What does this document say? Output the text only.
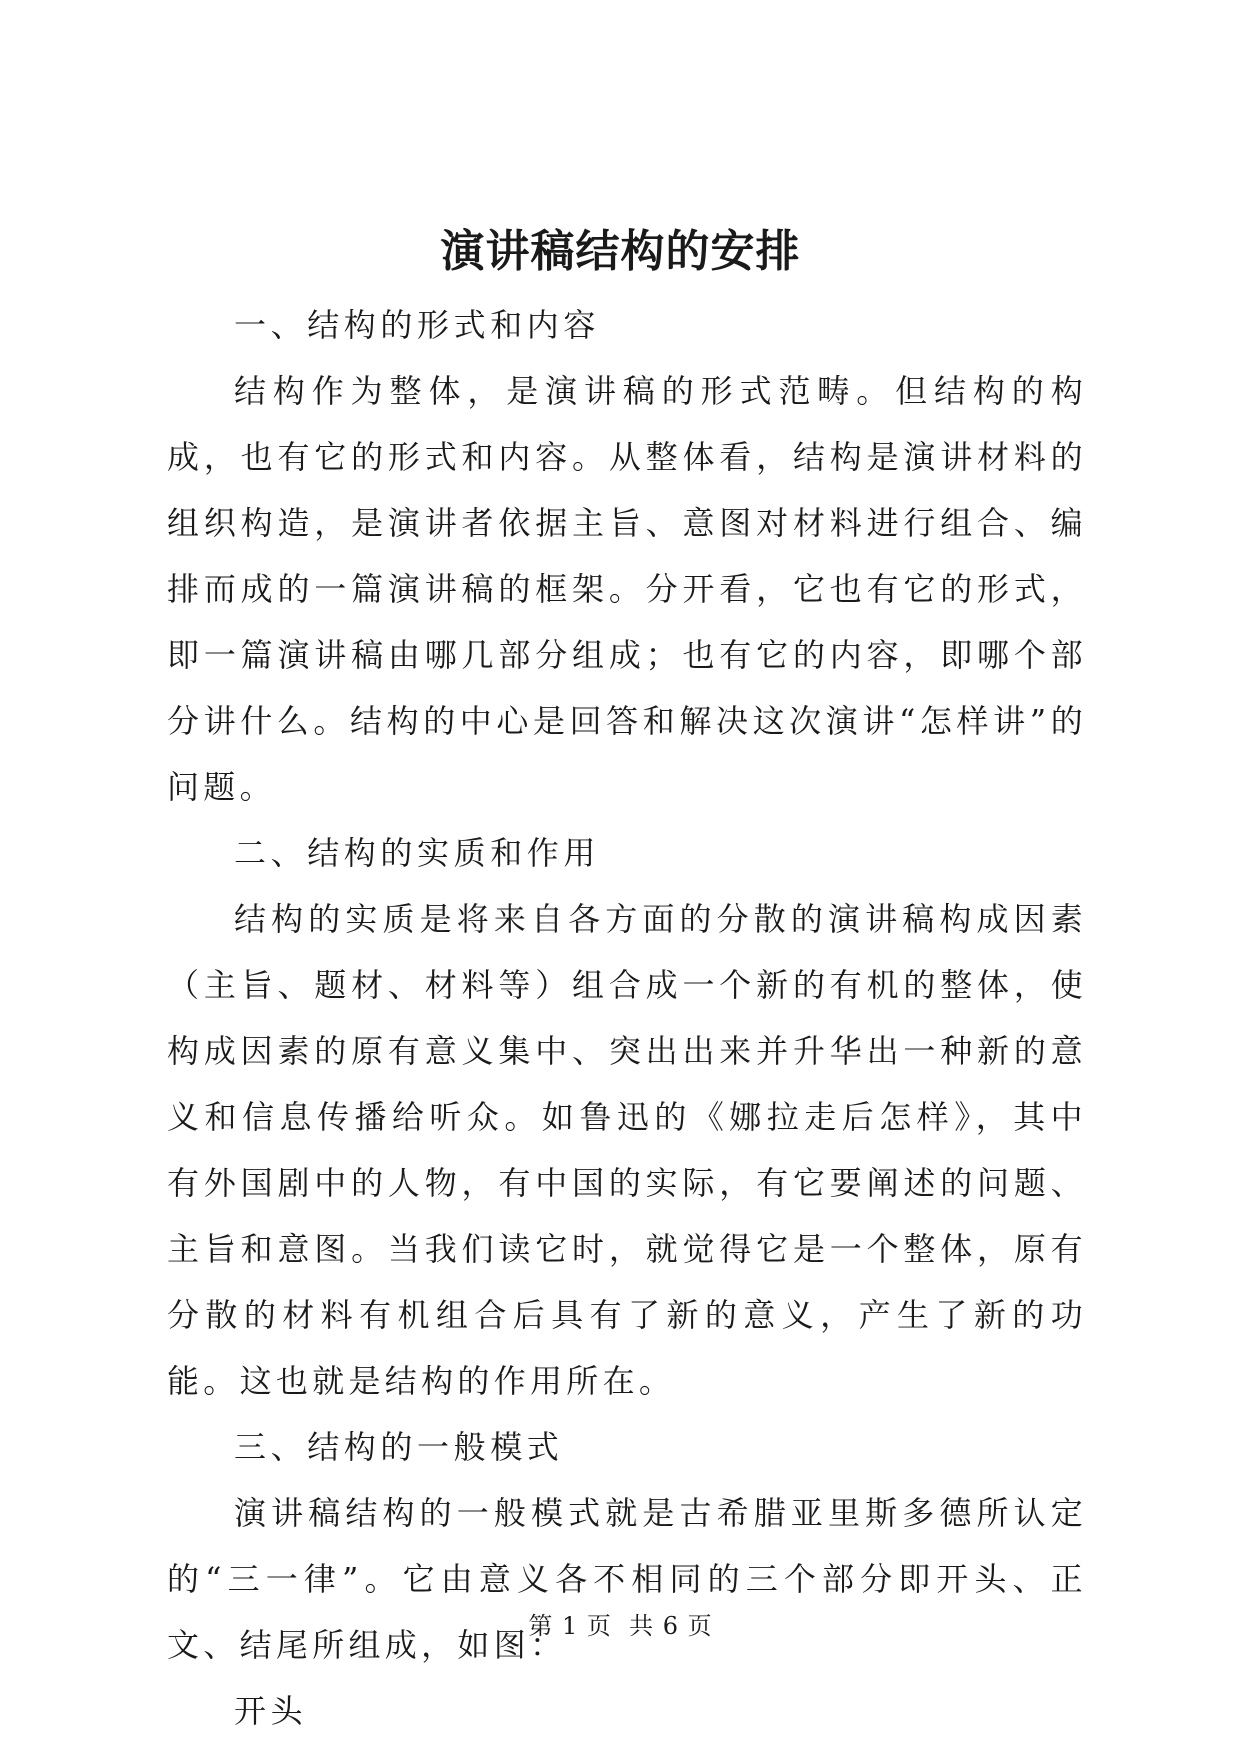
演讲稿结构的安排

一、结构的形式和内容

结构作为整体，是演讲稿的形式范畴。但结构的构成，也有它的形式和内容。从整体看，结构是演讲材料的组织构造，是演讲者依据主旨、意图对材料进行组合、编排而成的一篇演讲稿的框架。分开看，它也有它的形式，即一篇演讲稿由哪几部分组成；也有它的内容，即哪个部分讲什么。结构的中心是回答和解决这次演讲“怎样讲”的问题。

二、结构的实质和作用

结构的实质是将来自各方面的分散的演讲稿构成因素（主旨、题材、材料等）组合成一个新的有机的整体，使构成因素的原有意义集中、突出出来并升华出一种新的意义和信息传播给听众。如鲁迅的《娜拉走后怎样》，其中有外国剧中的人物，有中国的实际，有它要阐述的问题、主旨和意图。当我们读它时，就觉得它是一个整体，原有分散的材料有机组合后具有了新的意义，产生了新的功能。这也就是结构的作用所在。

三、结构的一般模式

演讲稿结构的一般模式就是古希腊亚里斯多德所认定的“三一律”。它由意义各不相同的三个部分即开头、正文、结尾所组成，如图：

开头

第 1 页  共 6 页
